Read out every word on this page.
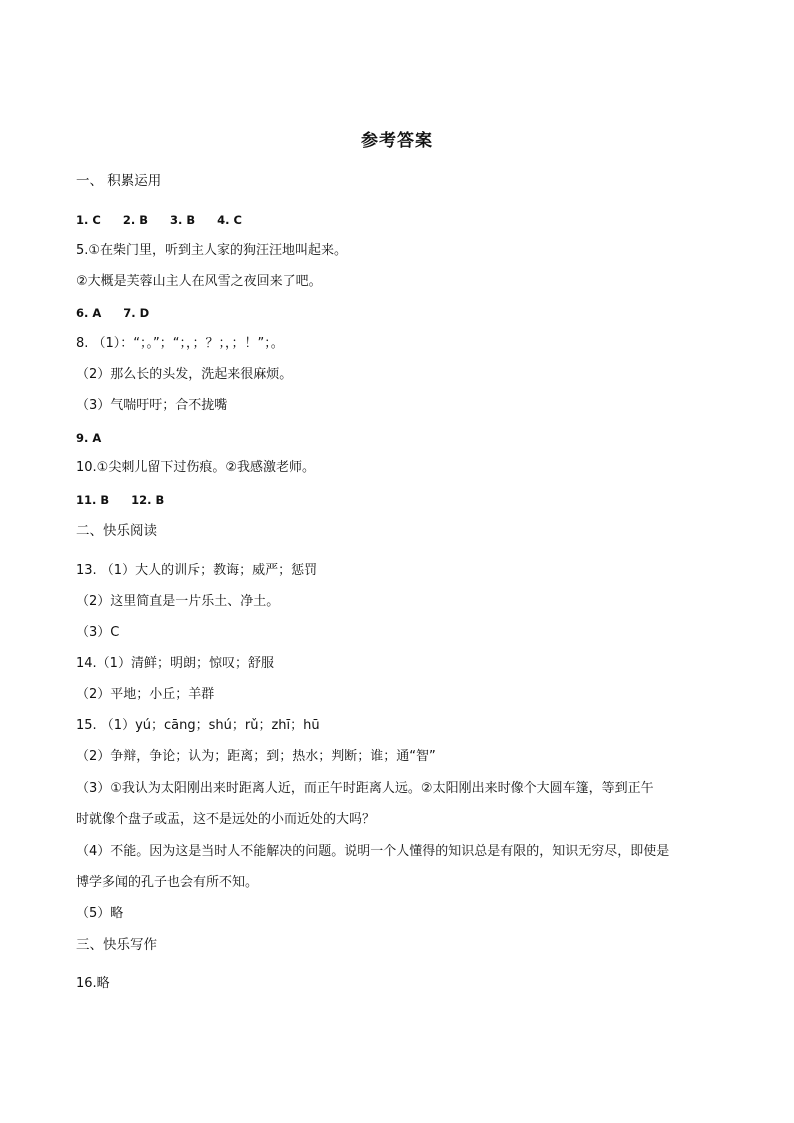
参考答案
一、 积累运用
1. C 2. B 3. B 4. C
5.①在柴门里，听到主人家的狗汪汪地叫起来。
②大概是芙蓉山主人在风雪之夜回来了吧。
6. A 7. D
8. （1）：“；。”；“；，；？；，；！”；。
（2）那么长的头发，洗起来很麻烦。
（3）气喘吁吁；合不拢嘴
9. A
10.①尖刺儿留下过伤痕。②我感激老师。
11. B 12. B
二、快乐阅读
13. （1）大人的训斥；教诲；威严；惩罚
（2）这里简直是一片乐土、净土。
（3）C
14.（1）清鲜；明朗；惊叹；舒服
（2）平地；小丘；羊群
15. （1）yú；cāng；shú；rǔ；zhī；hū
（2）争辩，争论；认为；距离；到；热水；判断；谁；通“智”
（3）①我认为太阳刚出来时距离人近，而正午时距离人远。②太阳刚出来时像个大圆车篷，等到正午
时就像个盘子或盂，这不是远处的小而近处的大吗？
（4）不能。因为这是当时人不能解决的问题。说明一个人懂得的知识总是有限的，知识无穷尽，即使是
博学多闻的孔子也会有所不知。
（5）略
三、快乐写作
16.略
